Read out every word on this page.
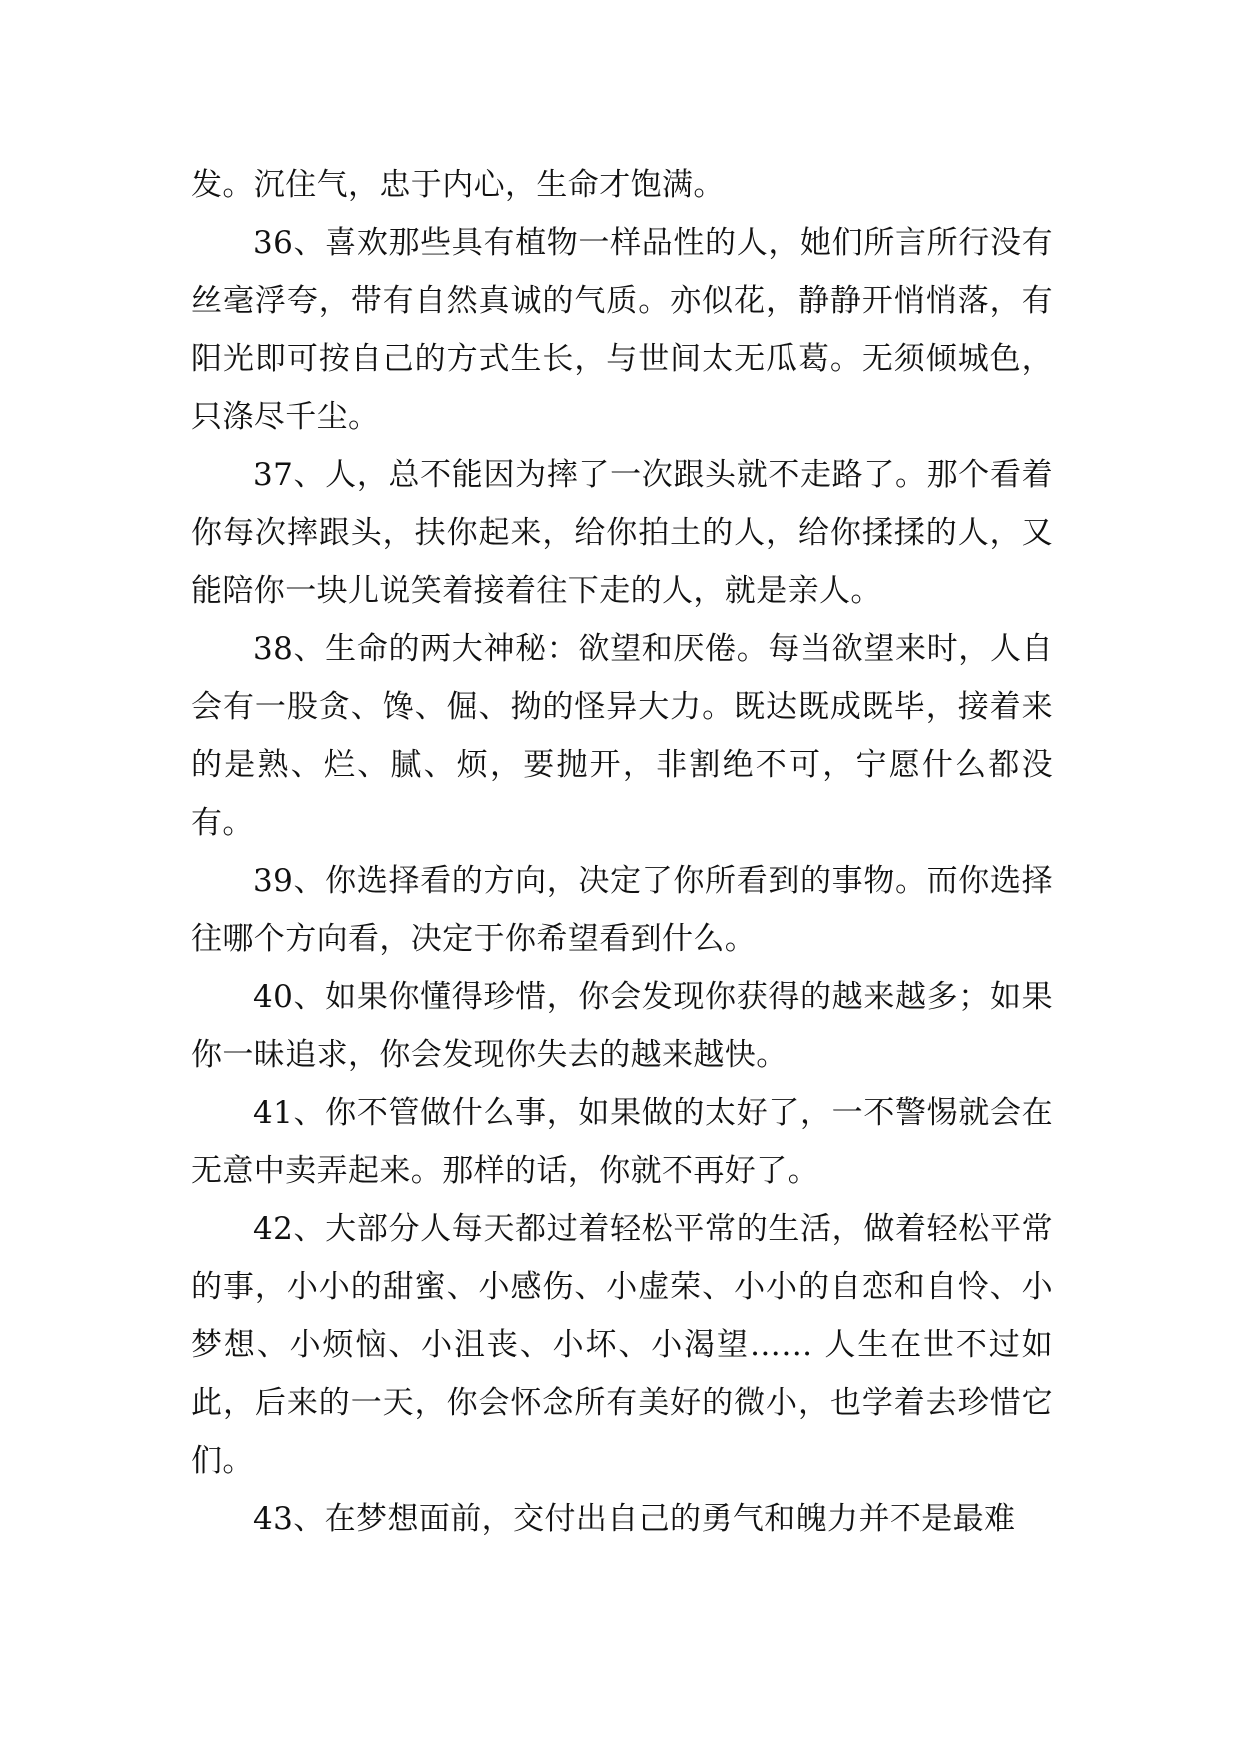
发。沉住气，忠于内心，生命才饱满。

36、喜欢那些具有植物一样品性的人，她们所言所行没有丝毫浮夸，带有自然真诚的气质。亦似花，静静开悄悄落，有阳光即可按自己的方式生长，与世间太无瓜葛。无须倾城色，只涤尽千尘。

37、人，总不能因为摔了一次跟头就不走路了。那个看着你每次摔跟头，扶你起来，给你拍土的人，给你揉揉的人，又能陪你一块儿说笑着接着往下走的人，就是亲人。

38、生命的两大神秘：欲望和厌倦。每当欲望来时，人自会有一股贪、馋、倔、拗的怪异大力。既达既成既毕，接着来的是熟、烂、腻、烦，要抛开，非割绝不可，宁愿什么都没有。

39、你选择看的方向，决定了你所看到的事物。而你选择往哪个方向看，决定于你希望看到什么。

40、如果你懂得珍惜，你会发现你获得的越来越多；如果你一昧追求，你会发现你失去的越来越快。

41、你不管做什么事，如果做的太好了，一不警惕就会在无意中卖弄起来。那样的话，你就不再好了。

42、大部分人每天都过着轻松平常的生活，做着轻松平常的事，小小的甜蜜、小感伤、小虚荣、小小的自恋和自怜、小梦想、小烦恼、小沮丧、小坏、小渴望…… 人生在世不过如此，后来的一天，你会怀念所有美好的微小，也学着去珍惜它们。

43、在梦想面前，交付出自己的勇气和魄力并不是最难
